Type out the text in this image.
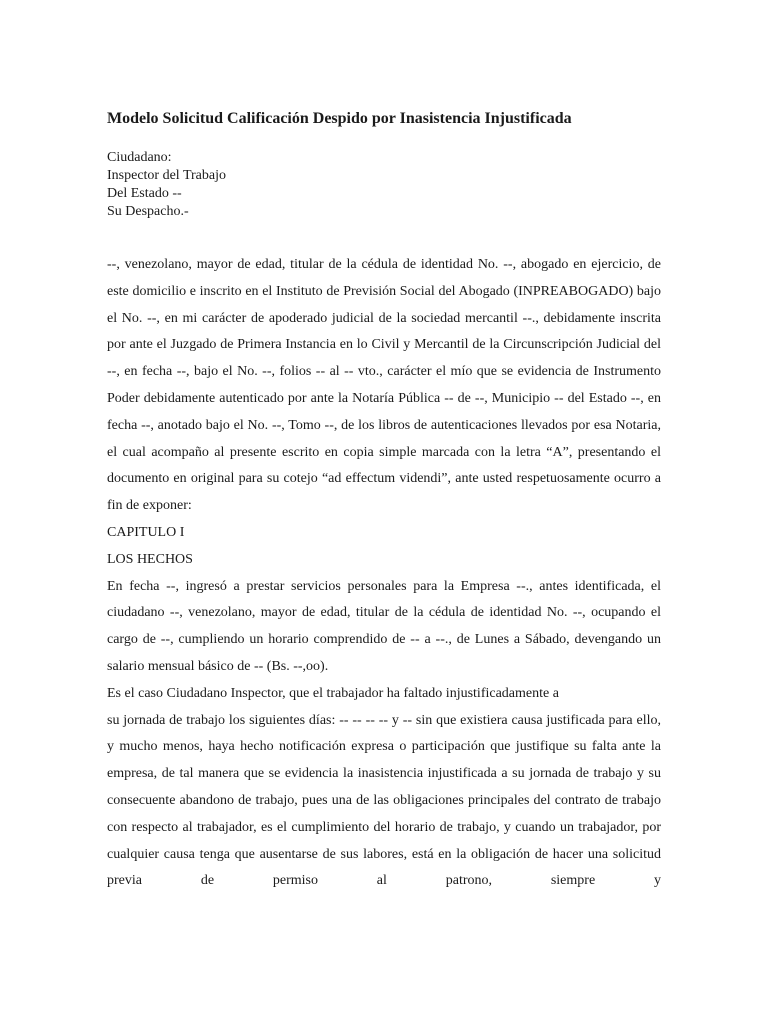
Modelo Solicitud Calificación Despido por Inasistencia Injustificada
Ciudadano:
Inspector del Trabajo
Del Estado --
Su Despacho.-

--, venezolano, mayor de edad, titular de la cédula de identidad No. --, abogado en ejercicio, de este domicilio e inscrito en el Instituto de Previsión Social del Abogado (INPREABOGADO) bajo el No. --, en mi carácter de apoderado judicial de la sociedad mercantil --., debidamente inscrita por ante el Juzgado de Primera Instancia en lo Civil y Mercantil de la Circunscripción Judicial del --, en fecha --, bajo el No. --, folios -- al -- vto., carácter el mío que se evidencia de Instrumento Poder debidamente autenticado por ante la Notaría Pública -- de --, Municipio -- del Estado --, en fecha --, anotado bajo el No. --, Tomo --, de los libros de autenticaciones llevados por esa Notaria, el cual acompaño al presente escrito en copia simple marcada con la letra “A”, presentando el documento en original para su cotejo “ad effectum videndi”, ante usted respetuosamente ocurro a fin de exponer:

CAPITULO I

LOS HECHOS

En fecha --, ingresó a prestar servicios personales para la Empresa --., antes identificada, el ciudadano --, venezolano, mayor de edad, titular de la cédula de identidad No. --, ocupando el cargo de --, cumpliendo un horario comprendido de -- a --., de Lunes a Sábado, devengando un salario mensual básico de -- (Bs. --,oo).

Es el caso Ciudadano Inspector, que el trabajador ha faltado injustificadamente a

su jornada de trabajo los siguientes días: -- -- -- -- y -- sin que existiera causa justificada para ello, y mucho menos, haya hecho notificación expresa o participación que justifique su falta ante la empresa, de tal manera que se evidencia la inasistencia injustificada a su jornada de trabajo y su consecuente abandono de trabajo, pues una de las obligaciones principales del contrato de trabajo con respecto al trabajador, es el cumplimiento del horario de trabajo, y cuando un trabajador, por cualquier causa tenga que ausentarse de sus labores, está en la obligación de hacer una solicitud previa de permiso al patrono, siempre y
